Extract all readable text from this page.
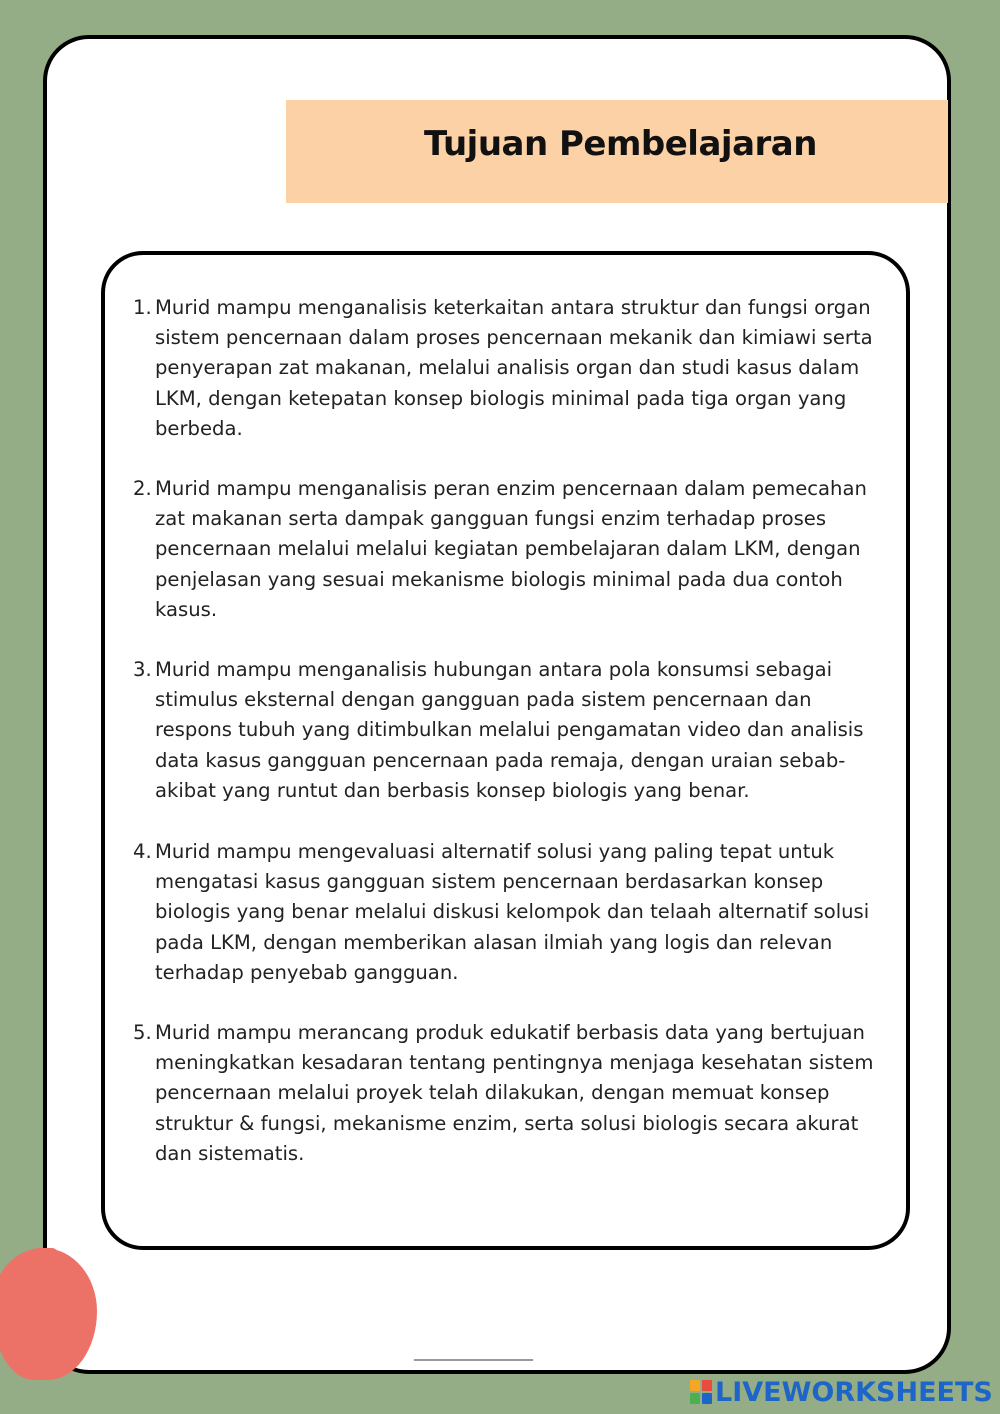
Tujuan Pembelajaran
1. Murid mampu menganalisis keterkaitan antara struktur dan fungsi organ sistem pencernaan dalam proses pencernaan mekanik dan kimiawi serta penyerapan zat makanan, melalui analisis organ dan studi kasus dalam LKM, dengan ketepatan konsep biologis minimal pada tiga organ yang berbeda.
2. Murid mampu menganalisis peran enzim pencernaan dalam pemecahan zat makanan serta dampak gangguan fungsi enzim terhadap proses pencernaan melalui melalui kegiatan pembelajaran dalam LKM, dengan penjelasan yang sesuai mekanisme biologis minimal pada dua contoh kasus.
3. Murid mampu menganalisis hubungan antara pola konsumsi sebagai stimulus eksternal dengan gangguan pada sistem pencernaan dan respons tubuh yang ditimbulkan melalui pengamatan video dan analisis data kasus gangguan pencernaan pada remaja, dengan uraian sebab-akibat yang runtut dan berbasis konsep biologis yang benar.
4. Murid mampu mengevaluasi alternatif solusi yang paling tepat untuk mengatasi kasus gangguan sistem pencernaan berdasarkan konsep biologis yang benar melalui diskusi kelompok dan telaah alternatif solusi pada LKM, dengan memberikan alasan ilmiah yang logis dan relevan terhadap penyebab gangguan.
5. Murid mampu merancang produk edukatif berbasis data yang bertujuan meningkatkan kesadaran tentang pentingnya menjaga kesehatan sistem pencernaan melalui proyek telah dilakukan, dengan memuat konsep struktur & fungsi, mekanisme enzim, serta solusi biologis secara akurat dan sistematis.
_________________
LIVEWORKSHEETS
